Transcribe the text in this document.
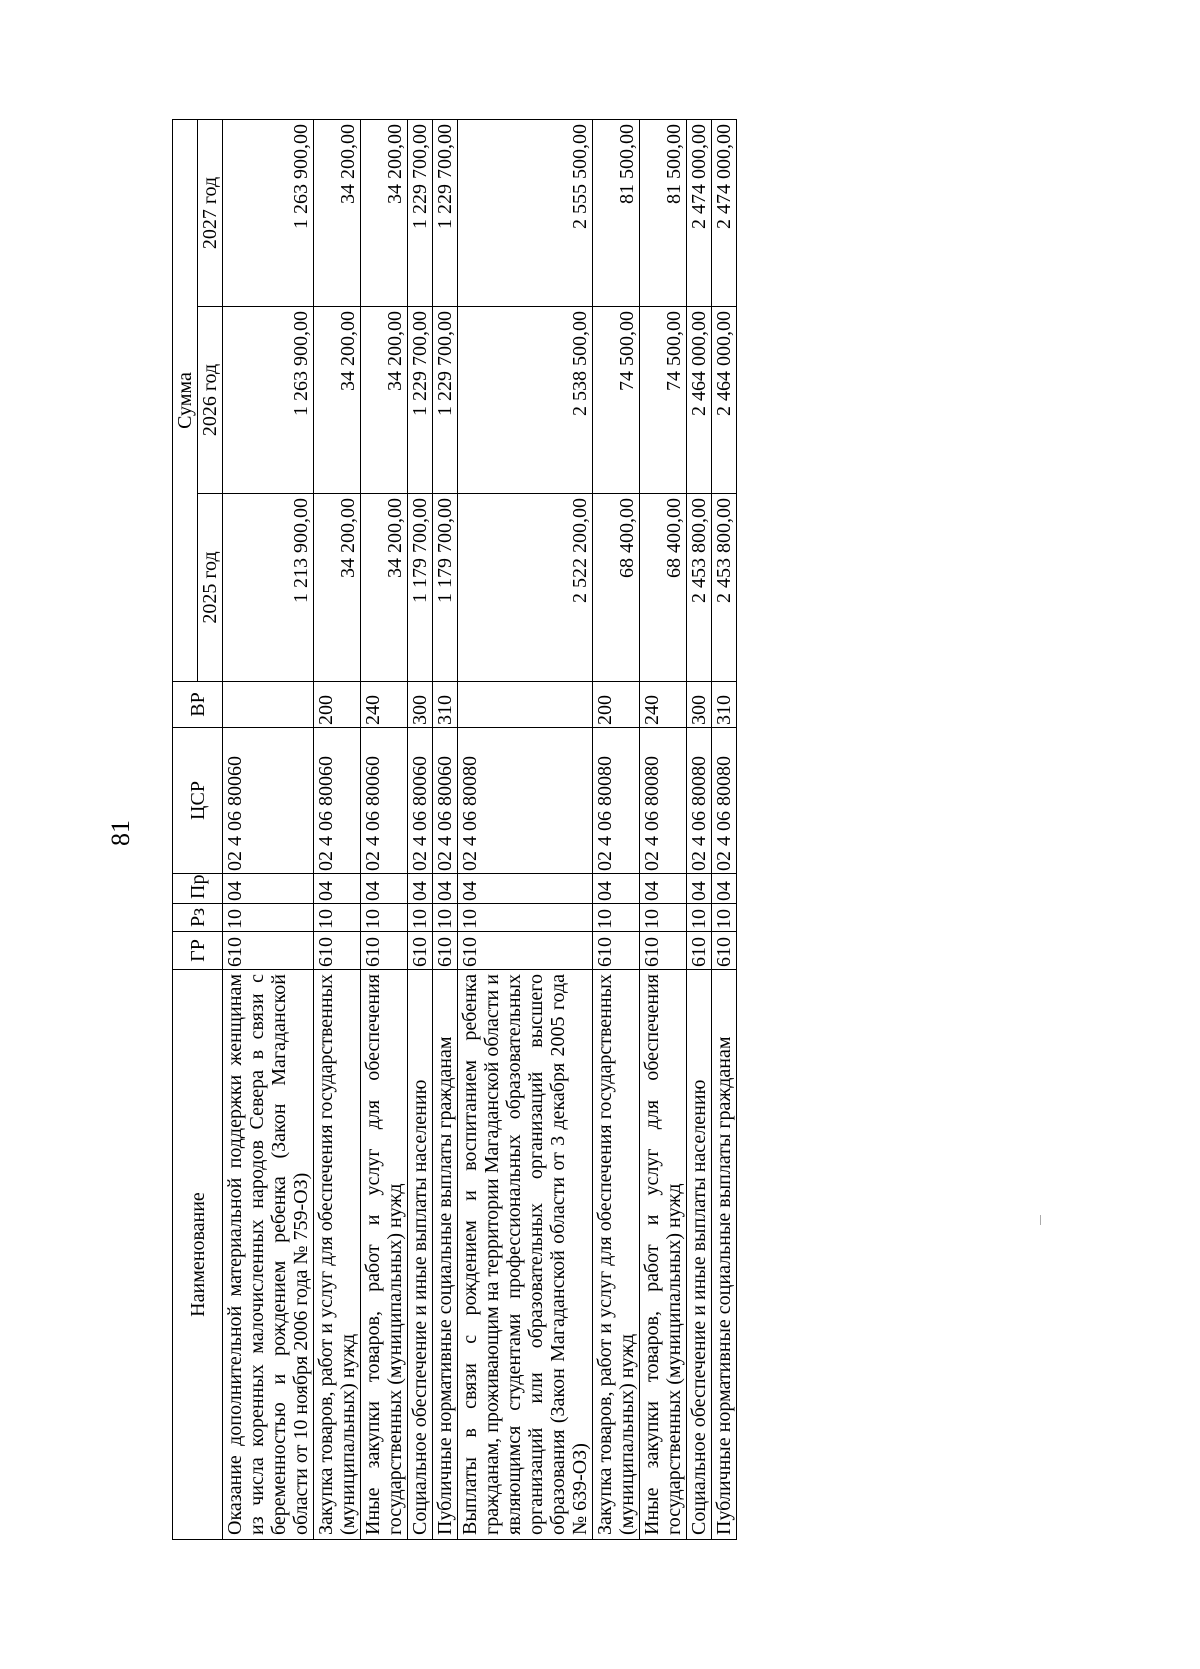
81
Наименование	ГР	Рз	Пр	ЦСР	ВР	Сумма		
						2025 год	2026 год	2027 год
Оказание дополнительной материальной поддержки женщинам из числа коренных малочисленных народов Севера в связи с беременностью и рождением ребенка (Закон Магаданской области от 10 ноября 2006 года № 759-ОЗ)	610	10	04	02 4 06 80060		1 213 900,00	1 263 900,00	1 263 900,00
Закупка товаров, работ и услуг для обеспечения государственных (муниципальных) нужд	610	10	04	02 4 06 80060	200	34 200,00	34 200,00	34 200,00
Иные закупки товаров, работ и услуг для обеспечения государственных (муниципальных) нужд	610	10	04	02 4 06 80060	240	34 200,00	34 200,00	34 200,00
Социальное обеспечение и иные выплаты населению	610	10	04	02 4 06 80060	300	1 179 700,00	1 229 700,00	1 229 700,00
Публичные нормативные социальные выплаты гражданам	610	10	04	02 4 06 80060	310	1 179 700,00	1 229 700,00	1 229 700,00
Выплаты в связи с рождением и воспитанием ребенка гражданам, проживающим на территории Магаданской области и являющимся студентами профессиональных образовательных организаций или образовательных организаций высшего образования (Закон Магаданской области от 3 декабря 2005 года № 639-ОЗ)	610	10	04	02 4 06 80080		2 522 200,00	2 538 500,00	2 555 500,00
Закупка товаров, работ и услуг для обеспечения государственных (муниципальных) нужд	610	10	04	02 4 06 80080	200	68 400,00	74 500,00	81 500,00
Иные закупки товаров, работ и услуг для обеспечения государственных (муниципальных) нужд	610	10	04	02 4 06 80080	240	68 400,00	74 500,00	81 500,00
Социальное обеспечение и иные выплаты населению	610	10	04	02 4 06 80080	300	2 453 800,00	2 464 000,00	2 474 000,00
Публичные нормативные социальные выплаты гражданам	610	10	04	02 4 06 80080	310	2 453 800,00	2 464 000,00	2 474 000,00
